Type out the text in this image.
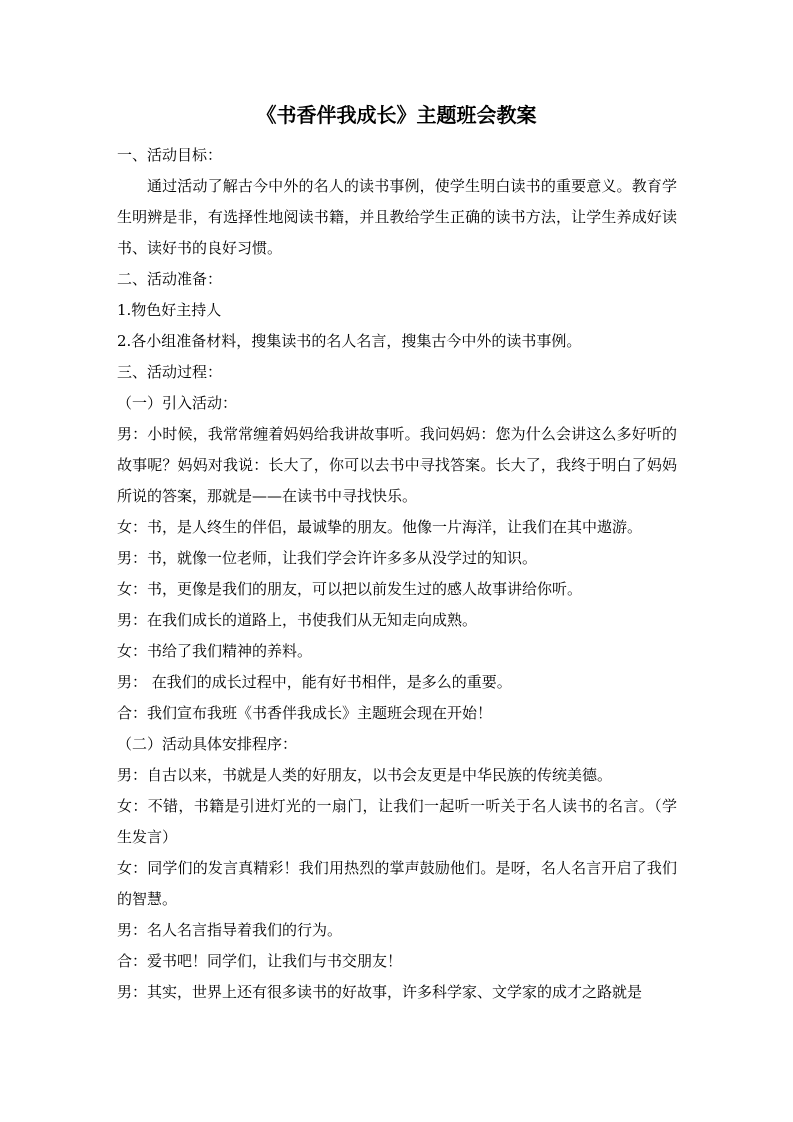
《书香伴我成长》主题班会教案

一、活动目标：

通过活动了解古今中外的名人的读书事例，使学生明白读书的重要意义。教育学生明辨是非，有选择性地阅读书籍，并且教给学生正确的读书方法，让学生养成好读书、读好书的良好习惯。

二、活动准备：

1.物色好主持人

2.各小组准备材料，搜集读书的名人名言，搜集古今中外的读书事例。

三、活动过程：

（一）引入活动：

男：小时候，我常常缠着妈妈给我讲故事听。我问妈妈：您为什么会讲这么多好听的故事呢？妈妈对我说：长大了，你可以去书中寻找答案。长大了，我终于明白了妈妈所说的答案，那就是——在读书中寻找快乐。

女：书，是人终生的伴侣，最诚挚的朋友。他像一片海洋，让我们在其中遨游。

男：书，就像一位老师，让我们学会许许多多从没学过的知识。

女：书，更像是我们的朋友，可以把以前发生过的感人故事讲给你听。

男：在我们成长的道路上，书使我们从无知走向成熟。

女：书给了我们精神的养料。

男： 在我们的成长过程中，能有好书相伴，是多么的重要。

合：我们宣布我班《书香伴我成长》主题班会现在开始！

（二）活动具体安排程序：

男：自古以来，书就是人类的好朋友，以书会友更是中华民族的传统美德。

女：不错，书籍是引进灯光的一扇门，让我们一起听一听关于名人读书的名言。（学生发言）

女：同学们的发言真精彩！我们用热烈的掌声鼓励他们。是呀，名人名言开启了我们的智慧。

男：名人名言指导着我们的行为。

合：爱书吧！同学们，让我们与书交朋友！

男：其实，世界上还有很多读书的好故事，许多科学家、文学家的成才之路就是
